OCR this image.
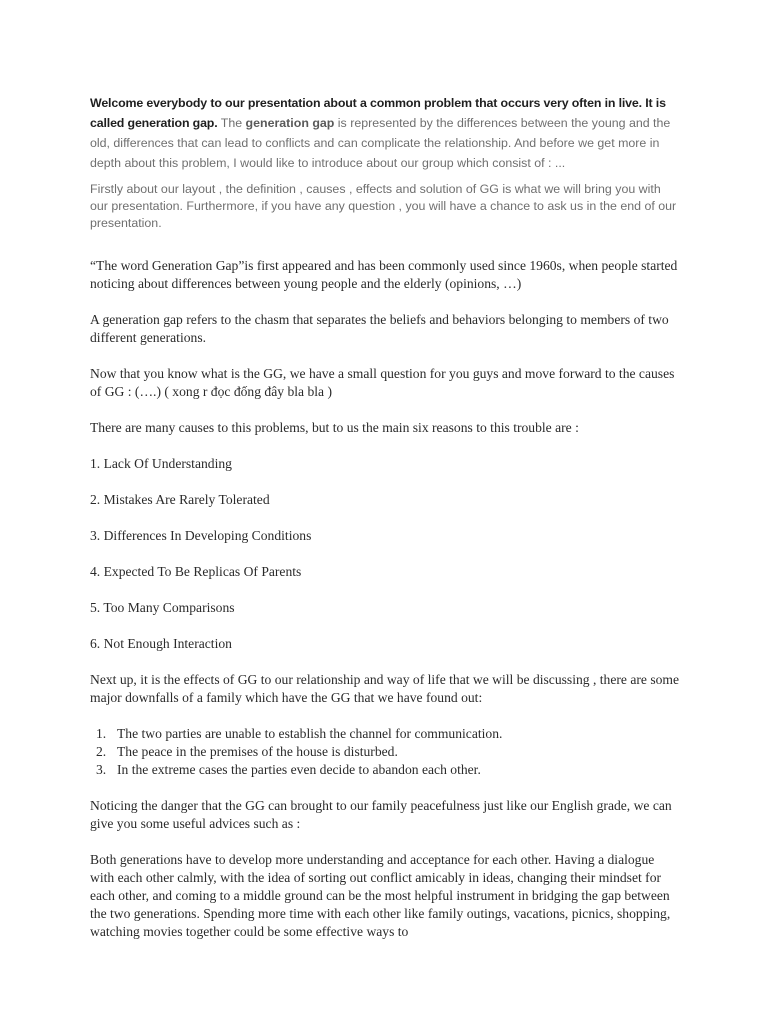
Welcome everybody to our presentation about a common problem that occurs very often in live. It is called generation gap. The generation gap is represented by the differences between the young and the old, differences that can lead to conflicts and can complicate the relationship. And before we get more in depth about this problem, I would like to introduce about our group which consist of : ...

Firstly about our layout , the definition , causes , effects and solution of GG is what we will bring you with our presentation. Furthermore, if you have any question , you will have a chance to ask us in the end of our presentation.

“The word Generation Gap”is first appeared and has been commonly used since 1960s, when people started noticing about differences between young people and the elderly (opinions, …)

A generation gap refers to the chasm that separates the beliefs and behaviors belonging to members of two different generations.

Now that you know what is the GG, we have a small question for you guys and move forward to the causes of GG : (….) ( xong r đọc đống đây bla bla )

There are many causes to this problems, but to us the main six reasons to this trouble are :

1. Lack Of Understanding

2. Mistakes Are Rarely Tolerated

3. Differences In Developing Conditions

4. Expected To Be Replicas Of Parents

5. Too Many Comparisons

6. Not Enough Interaction

Next up, it is the effects of GG to our relationship and way of life that we will be discussing , there are some major downfalls of a family which have the GG that we have found out:

1. The two parties are unable to establish the channel for communication.
2. The peace in the premises of the house is disturbed.
3. In the extreme cases the parties even decide to abandon each other.

Noticing the danger that the GG can brought to our family peacefulness just like our English grade, we can give you some useful advices such as :

Both generations have to develop more understanding and acceptance for each other. Having a dialogue with each other calmly, with the idea of sorting out conflict amicably in ideas, changing their mindset for each other, and coming to a middle ground can be the most helpful instrument in bridging the gap between the two generations. Spending more time with each other like family outings, vacations, picnics, shopping, watching movies together could be some effective ways to
